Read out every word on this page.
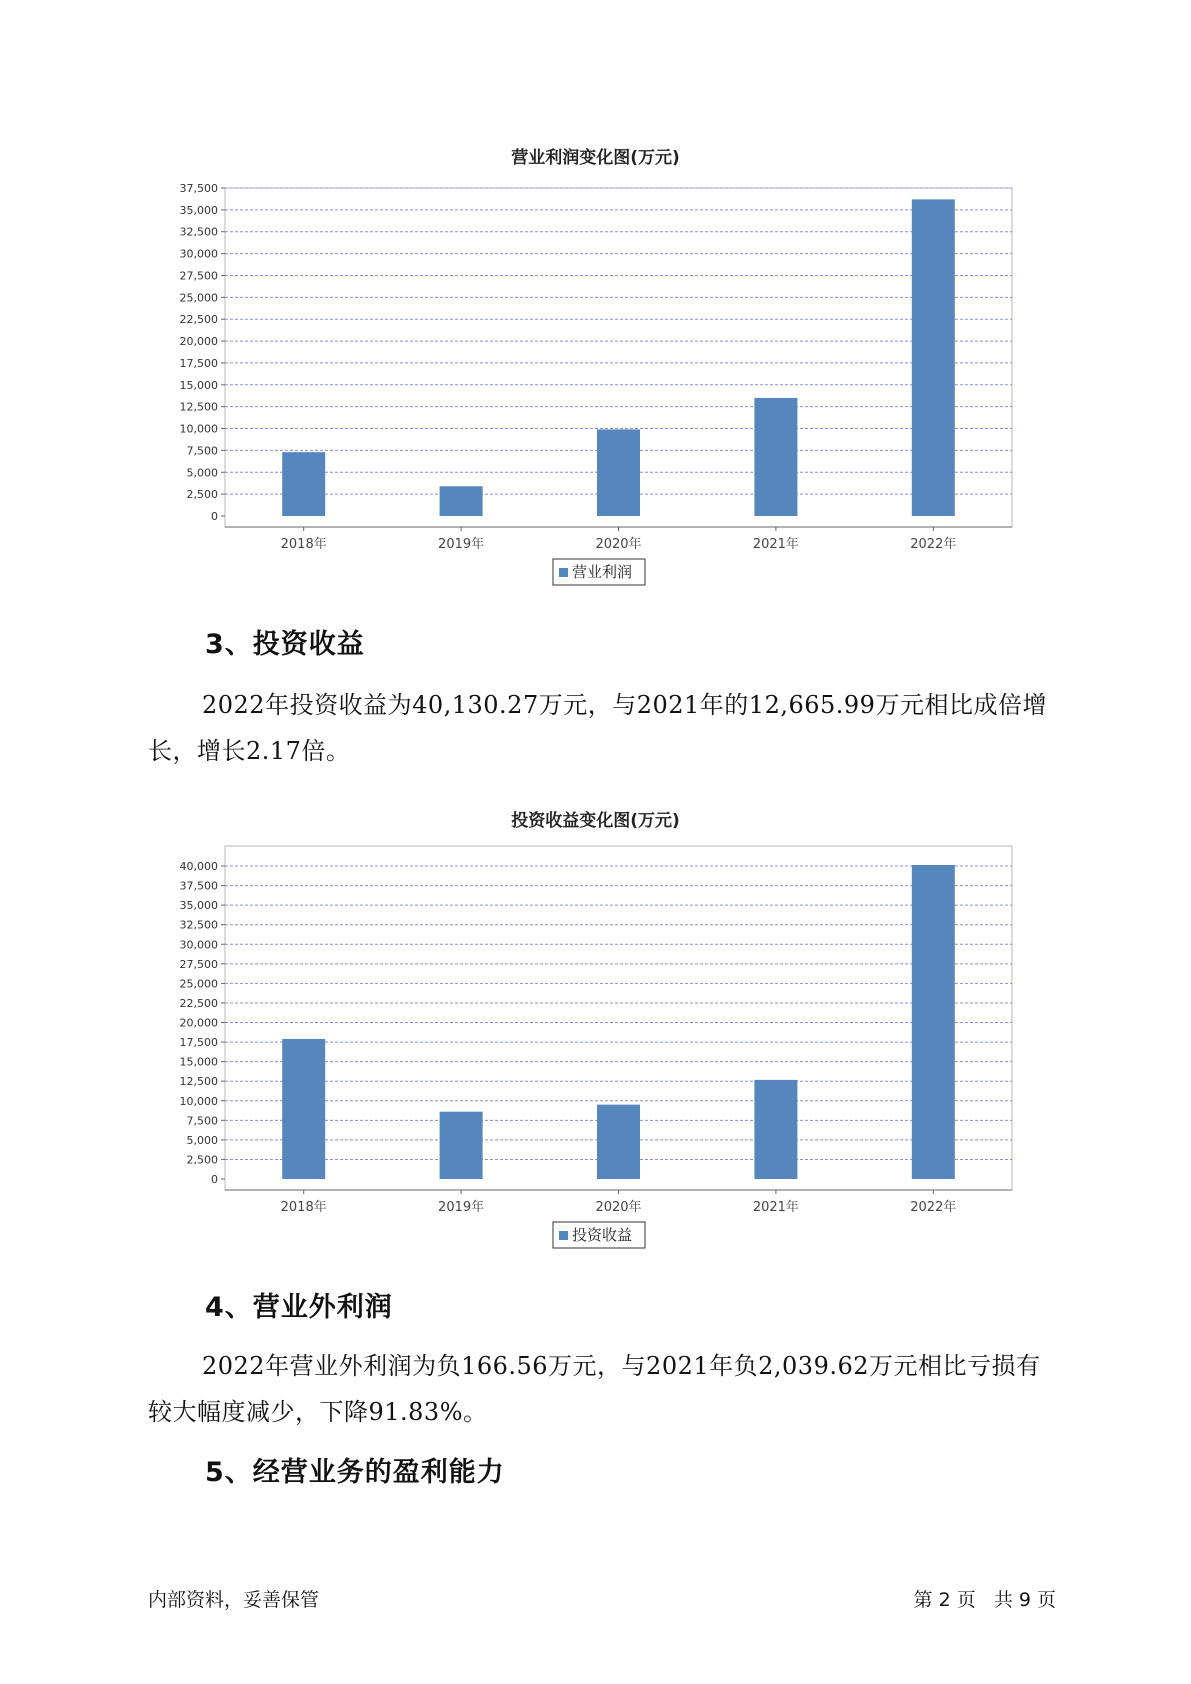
营业利润变化图(万元)
0
2,500
5,000
7,500
10,000
12,500
15,000
17,500
20,000
22,500
25,000
27,500
30,000
32,500
35,000
37,500
2018年	2019年	2020年	2021年	2022年
营业利润
3、投资收益
2022年投资收益为40,130.27万元，与2021年的12,665.99万元相比成倍增长，增长2.17倍。
投资收益变化图(万元)
0
2,500
5,000
7,500
10,000
12,500
15,000
17,500
20,000
22,500
25,000
27,500
30,000
32,500
35,000
37,500
40,000
2018年	2019年	2020年	2021年	2022年
投资收益
4、营业外利润
2022年营业外利润为负166.56万元，与2021年负2,039.62万元相比亏损有较大幅度减少，下降91.83%。
5、经营业务的盈利能力
内部资料，妥善保管	第 2 页   共 9 页
